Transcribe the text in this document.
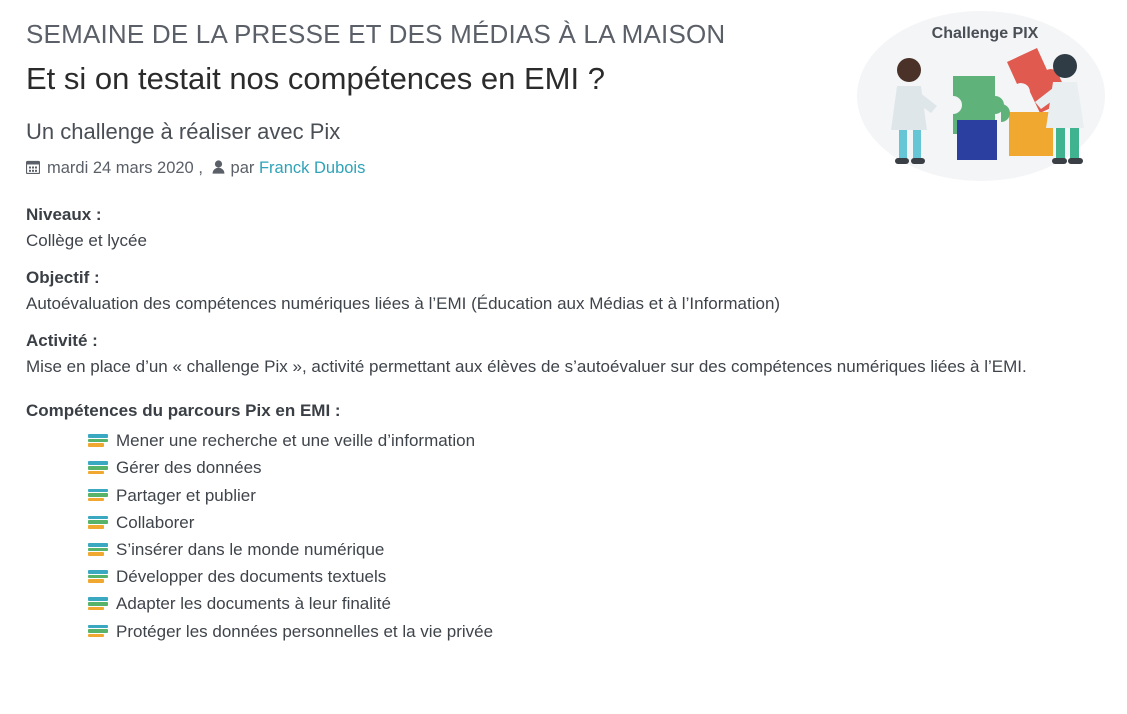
Challenge PIX
SEMAINE DE LA PRESSE ET DES MÉDIAS À LA MAISON
Et si on testait nos compétences en EMI ?
Un challenge à réaliser avec Pix
mardi 24 mars 2020 , par
Franck Dubois
Niveaux :

Collège et lycée

Objectif :

Autoévaluation des compétences numériques liées à l’EMI (Éducation aux Médias et à l’Information)

Activité :

Mise en place d’un « challenge Pix », activité permettant aux élèves de s’autoévaluer sur des compétences numériques liées à l’EMI.

Compétences du parcours Pix en EMI :
Mener une recherche et une veille d’information
Gérer des données
Partager et publier
Collaborer
S’insérer dans le monde numérique
Développer des documents textuels
Adapter les documents à leur finalité
Protéger les données personnelles et la vie privée
